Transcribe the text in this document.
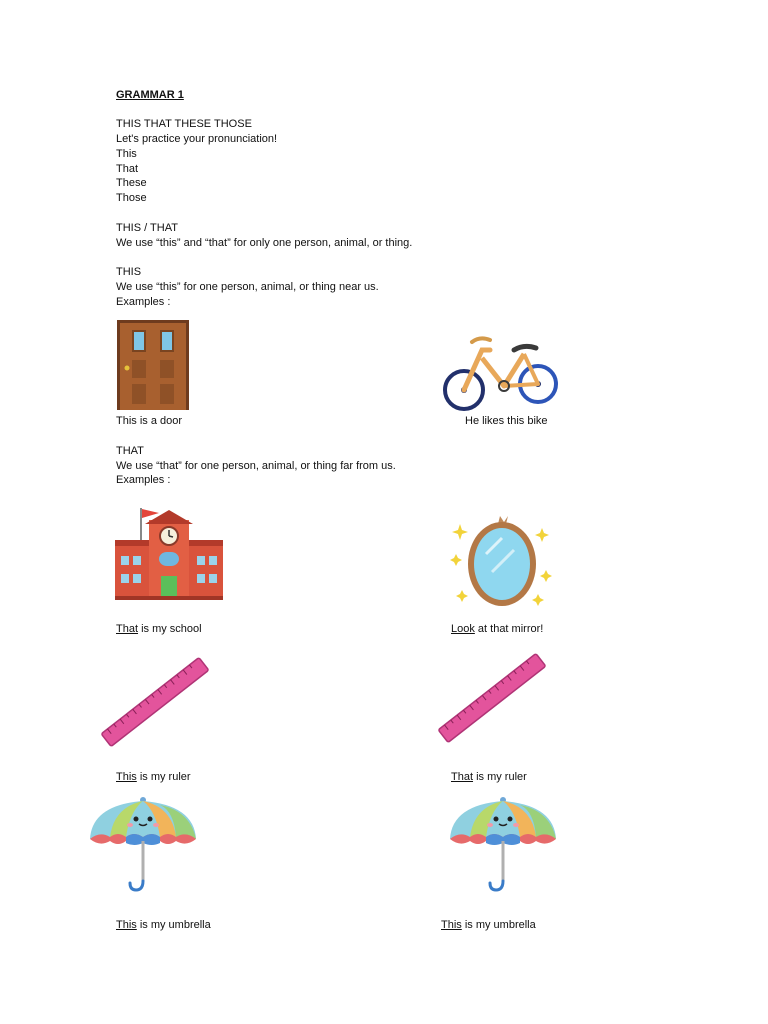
GRAMMAR 1
THIS THAT THESE THOSE
Let's practice your pronunciation!
This
That
These
Those
THIS / THAT
We use “this” and “that” for only one person, animal, or thing.
THIS
We use “this” for one person, animal, or thing near us.
Examples :
This is a door	He likes this bike
THAT
We use “that” for one person, animal, or thing far from us.
Examples :
That is my school	Look at that mirror!
This is my ruler	That is my ruler
This is my umbrella	This is my umbrella
